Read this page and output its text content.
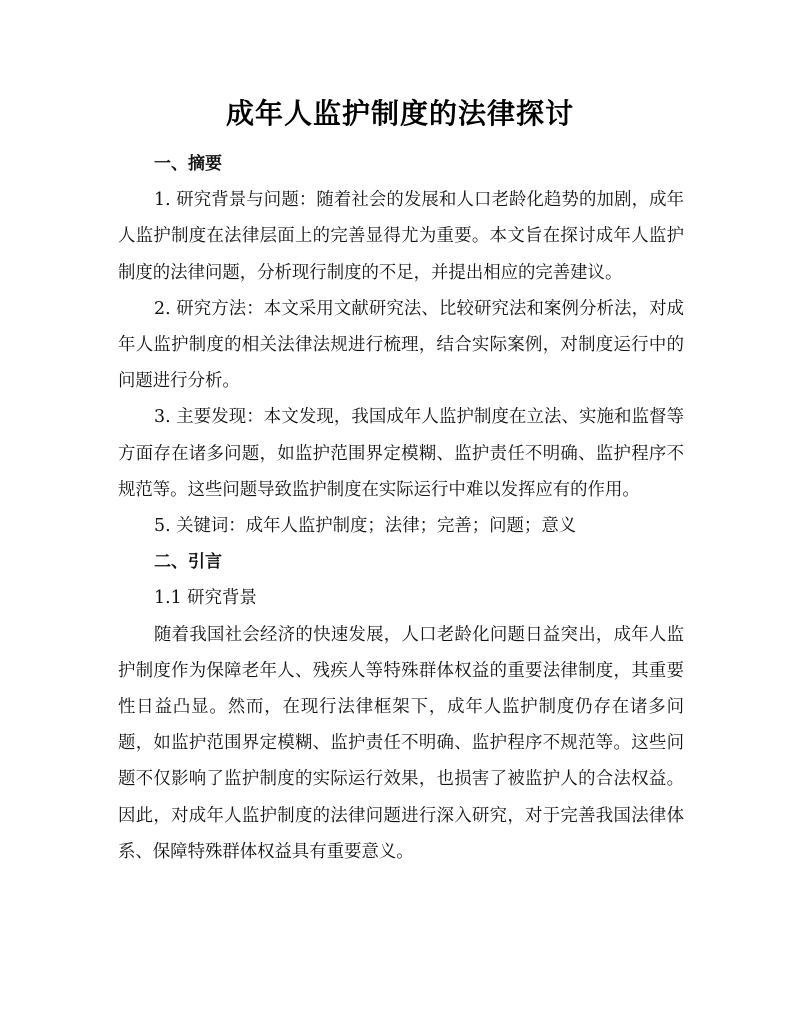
成年人监护制度的法律探讨

一、摘要

1. 研究背景与问题：随着社会的发展和人口老龄化趋势的加剧，成年人监护制度在法律层面上的完善显得尤为重要。本文旨在探讨成年人监护制度的法律问题，分析现行制度的不足，并提出相应的完善建议。

2. 研究方法：本文采用文献研究法、比较研究法和案例分析法，对成年人监护制度的相关法律法规进行梳理，结合实际案例，对制度运行中的问题进行分析。

3. 主要发现：本文发现，我国成年人监护制度在立法、实施和监督等方面存在诸多问题，如监护范围界定模糊、监护责任不明确、监护程序不规范等。这些问题导致监护制度在实际运行中难以发挥应有的作用。

5. 关键词：成年人监护制度；法律；完善；问题；意义

二、引言

1.1 研究背景

随着我国社会经济的快速发展，人口老龄化问题日益突出，成年人监护制度作为保障老年人、残疾人等特殊群体权益的重要法律制度，其重要性日益凸显。然而，在现行法律框架下，成年人监护制度仍存在诸多问题，如监护范围界定模糊、监护责任不明确、监护程序不规范等。这些问题不仅影响了监护制度的实际运行效果，也损害了被监护人的合法权益。因此，对成年人监护制度的法律问题进行深入研究，对于完善我国法律体系、保障特殊群体权益具有重要意义。
